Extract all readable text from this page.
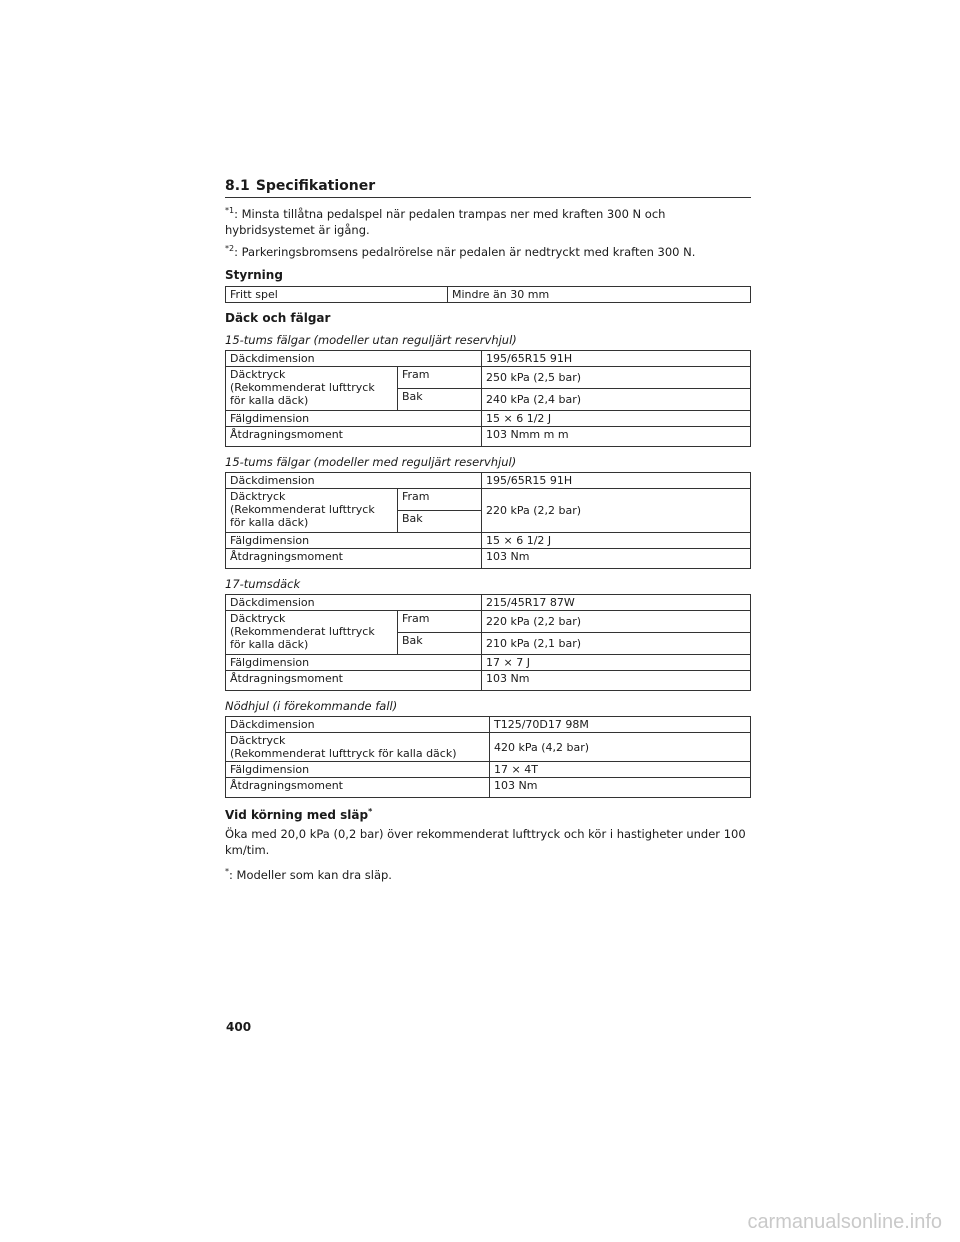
8.1 Specifikationer

$^{*1}$: Minsta tillåtna pedalspel när pedalen trampas ner med kraften 300 N och hybridsystemet är igång.

$^{*2}$: Parkeringsbromsens pedalrörelse när pedalen är nedtryckt med kraften 300 N.

Styrning
Fritt spel	Mindre än 30 mm
Däck och fälgar
15-tums fälgar (modeller utan reguljärt reservhjul)
Däckdimension		195/65R15 91H
Däcktryck
(Rekommenderat lufttryck för kalla däck)	Fram	250 kPa (2,5 bar)
	Bak	240 kPa (2,4 bar)
Fälgdimension		15 × 6 1/2 J
Åtdragningsmoment		103 Nmm m m
15-tums fälgar (modeller med reguljärt reservhjul)
Däckdimension		195/65R15 91H
Däcktryck
(Rekommenderat lufttryck för kalla däck)	Fram	220 kPa (2,2 bar)
	Bak	
Fälgdimension		15 × 6 1/2 J
Åtdragningsmoment		103 Nm
17-tumsdäck
Däckdimension		215/45R17 87W
Däcktryck
(Rekommenderat lufttryck för kalla däck)	Fram	220 kPa (2,2 bar)
	Bak	210 kPa (2,1 bar)
Fälgdimension		17 × 7 J
Åtdragningsmoment		103 Nm
Nödhjul (i förekommande fall)
Däckdimension	T125/70D17 98M
Däcktryck
(Rekommenderat lufttryck för kalla däck)	420 kPa (4,2 bar)
Fälgdimension	17 × 4T
Åtdragningsmoment	103 Nm
Vid körning med släp*

Öka med 20,0 kPa (0,2 bar) över rekommenderat lufttryck och kör i hastigheter under 100 km/tim.

*: Modeller som kan dra släp.

400
carmanualsonline.info
